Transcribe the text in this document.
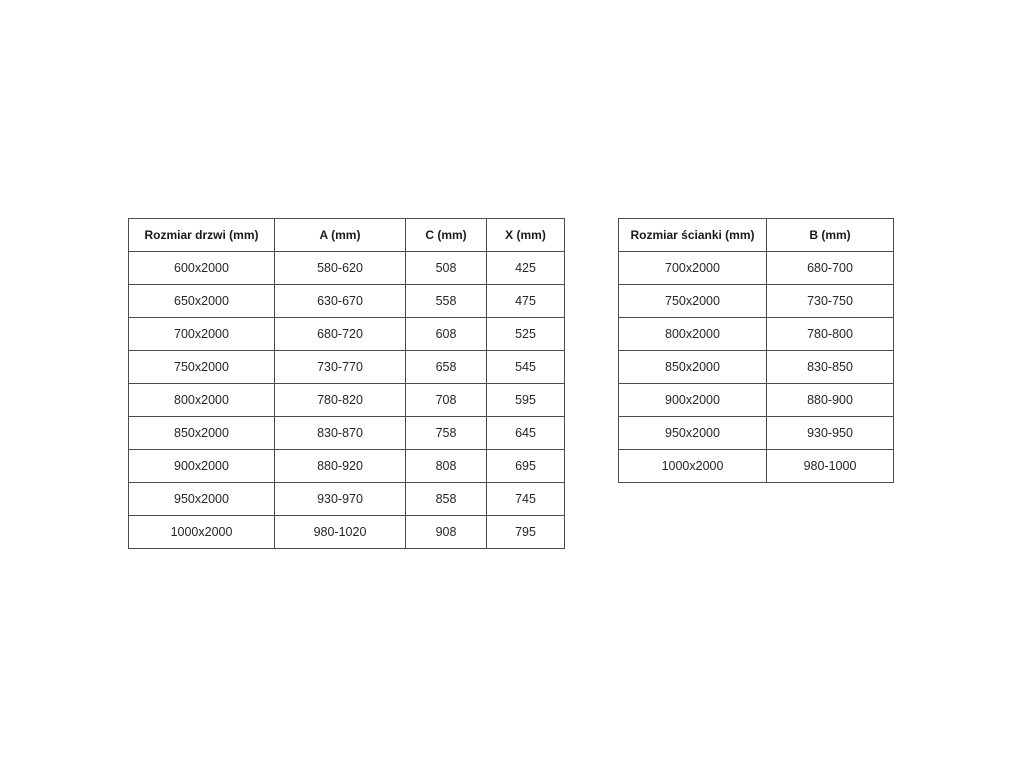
Rozmiar drzwi (mm)	A (mm)	C (mm)	X (mm)
600x2000	580-620	508	425
650x2000	630-670	558	475
700x2000	680-720	608	525
750x2000	730-770	658	545
800x2000	780-820	708	595
850x2000	830-870	758	645
900x2000	880-920	808	695
950x2000	930-970	858	745
1000x2000	980-1020	908	795
Rozmiar ścianki (mm)	B (mm)
700x2000	680-700
750x2000	730-750
800x2000	780-800
850x2000	830-850
900x2000	880-900
950x2000	930-950
1000x2000	980-1000
